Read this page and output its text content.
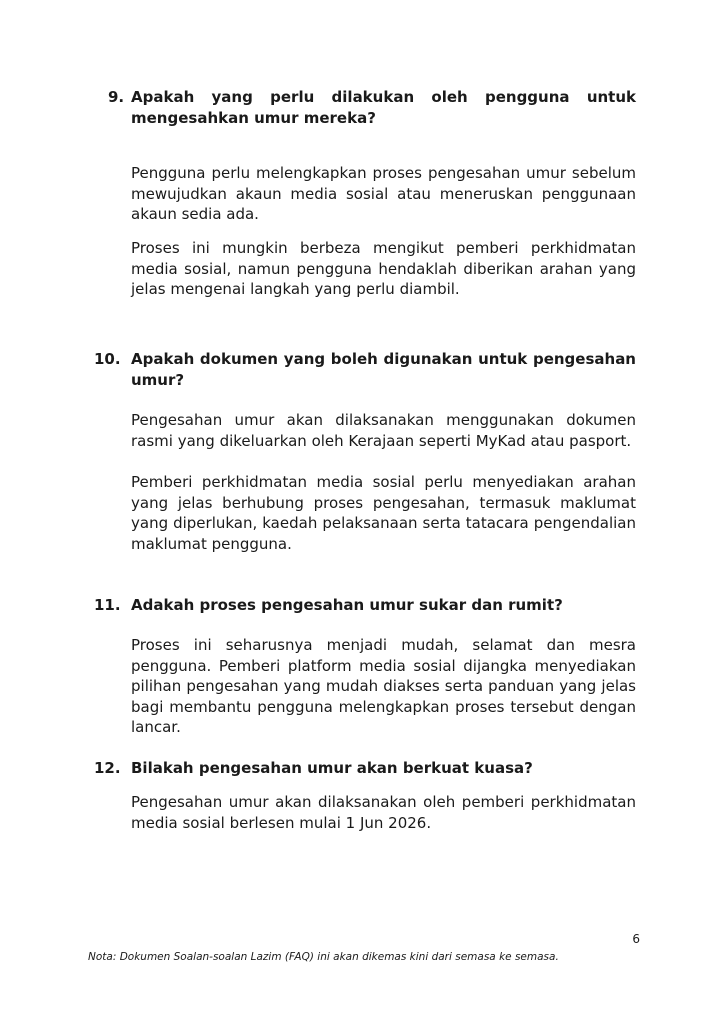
9. Apakah yang perlu dilakukan oleh pengguna untuk mengesahkan umur mereka?

Pengguna perlu melengkapkan proses pengesahan umur sebelum mewujudkan akaun media sosial atau meneruskan penggunaan akaun sedia ada.

Proses ini mungkin berbeza mengikut pemberi perkhidmatan media sosial, namun pengguna hendaklah diberikan arahan yang jelas mengenai langkah yang perlu diambil.

10. Apakah dokumen yang boleh digunakan untuk pengesahan umur?

Pengesahan umur akan dilaksanakan menggunakan dokumen rasmi yang dikeluarkan oleh Kerajaan seperti MyKad atau pasport.

Pemberi perkhidmatan media sosial perlu menyediakan arahan yang jelas berhubung proses pengesahan, termasuk maklumat yang diperlukan, kaedah pelaksanaan serta tatacara pengendalian maklumat pengguna.

11. Adakah proses pengesahan umur sukar dan rumit?

Proses ini seharusnya menjadi mudah, selamat dan mesra pengguna. Pemberi platform media sosial dijangka menyediakan pilihan pengesahan yang mudah diakses serta panduan yang jelas bagi membantu pengguna melengkapkan proses tersebut dengan lancar.

12. Bilakah pengesahan umur akan berkuat kuasa?

Pengesahan umur akan dilaksanakan oleh pemberi perkhidmatan media sosial berlesen mulai 1 Jun 2026.

6
Nota: Dokumen Soalan-soalan Lazim (FAQ) ini akan dikemas kini dari semasa ke semasa.
